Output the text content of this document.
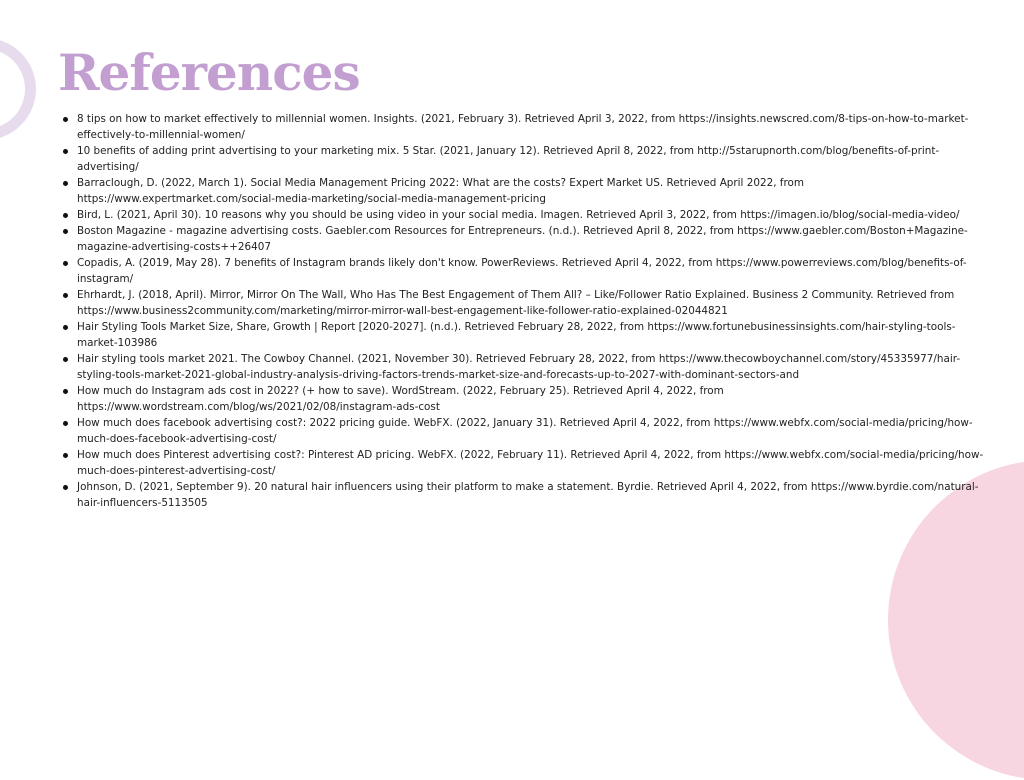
References
8 tips on how to market effectively to millennial women. Insights. (2021, February 3). Retrieved April 3, 2022, from https://insights.newscred.com/8-tips-on-how-to-market-effectively-to-millennial-women/
10 benefits of adding print advertising to your marketing mix. 5 Star. (2021, January 12). Retrieved April 8, 2022, from http://5starupnorth.com/blog/benefits-of-print-advertising/
Barraclough, D. (2022, March 1). Social Media Management Pricing 2022: What are the costs? Expert Market US. Retrieved April 2022, from https://www.expertmarket.com/social-media-marketing/social-media-management-pricing
Bird, L. (2021, April 30). 10 reasons why you should be using video in your social media. Imagen. Retrieved April 3, 2022, from https://imagen.io/blog/social-media-video/
Boston Magazine - magazine advertising costs. Gaebler.com Resources for Entrepreneurs. (n.d.). Retrieved April 8, 2022, from https://www.gaebler.com/Boston+Magazine-magazine-advertising-costs++26407
Copadis, A. (2019, May 28). 7 benefits of Instagram brands likely don't know. PowerReviews. Retrieved April 4, 2022, from https://www.powerreviews.com/blog/benefits-of-instagram/
Ehrhardt, J. (2018, April). Mirror, Mirror On The Wall, Who Has The Best Engagement of Them All? – Like/Follower Ratio Explained. Business 2 Community. Retrieved from https://www.business2community.com/marketing/mirror-mirror-wall-best-engagement-like-follower-ratio-explained-02044821
Hair Styling Tools Market Size, Share, Growth | Report [2020-2027]. (n.d.). Retrieved February 28, 2022, from https://www.fortunebusinessinsights.com/hair-styling-tools-market-103986
Hair styling tools market 2021. The Cowboy Channel. (2021, November 30). Retrieved February 28, 2022, from https://www.thecowboychannel.com/story/45335977/hair-styling-tools-market-2021-global-industry-analysis-driving-factors-trends-market-size-and-forecasts-up-to-2027-with-dominant-sectors-and
How much do Instagram ads cost in 2022? (+ how to save). WordStream. (2022, February 25). Retrieved April 4, 2022, from https://www.wordstream.com/blog/ws/2021/02/08/instagram-ads-cost
How much does facebook advertising cost?: 2022 pricing guide. WebFX. (2022, January 31). Retrieved April 4, 2022, from https://www.webfx.com/social-media/pricing/how-much-does-facebook-advertising-cost/
How much does Pinterest advertising cost?: Pinterest AD pricing. WebFX. (2022, February 11). Retrieved April 4, 2022, from https://www.webfx.com/social-media/pricing/how-much-does-pinterest-advertising-cost/
Johnson, D. (2021, September 9). 20 natural hair influencers using their platform to make a statement. Byrdie. Retrieved April 4, 2022, from https://www.byrdie.com/natural-hair-influencers-5113505
